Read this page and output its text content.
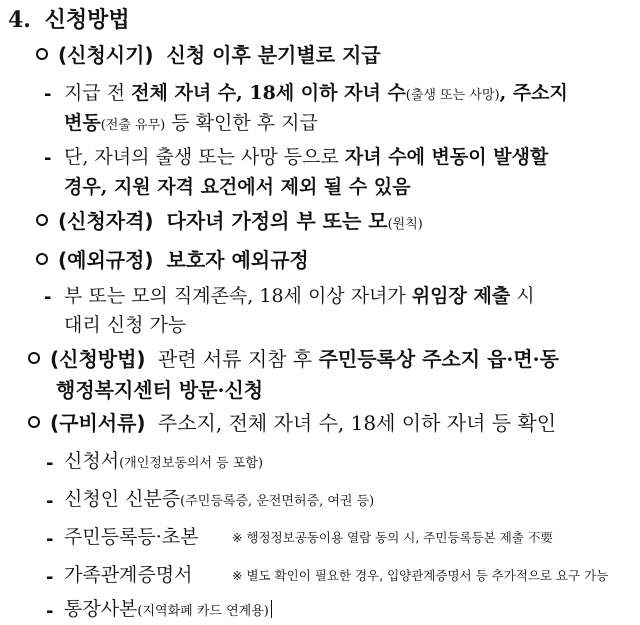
4. 신청방법
(신청시기) 신청 이후 분기별로 지급
- 지급 전 전체 자녀 수, 18세 이하 자녀 수(출생 또는 사망), 주소지
변동(전출 유무) 등 확인한 후 지급
- 단, 자녀의 출생 또는 사망 등으로 자녀 수에 변동이 발생할
경우, 지원 자격 요건에서 제외 될 수 있음
(신청자격) 다자녀 가정의 부 또는 모(원칙)
(예외규정) 보호자 예외규정
- 부 또는 모의 직계존속, 18세 이상 자녀가 위임장 제출 시
대리 신청 가능
(신청방법) 관련 서류 지참 후 주민등록상 주소지 읍·면·동
행정복지센터 방문·신청
(구비서류) 주소지, 전체 자녀 수, 18세 이하 자녀 등 확인
- 신청서(개인정보동의서 등 포함)
- 신청인 신분증(주민등록증, 운전면허증, 여권 등)
- 주민등록등·초본	※ 행정정보공동이용 열람 동의 시, 주민등록등본 제출 不要
- 가족관계증명서	※ 별도 확인이 필요한 경우, 입양관계증명서 등 추가적으로 요구 가능
- 통장사본(지역화폐 카드 연계용)
